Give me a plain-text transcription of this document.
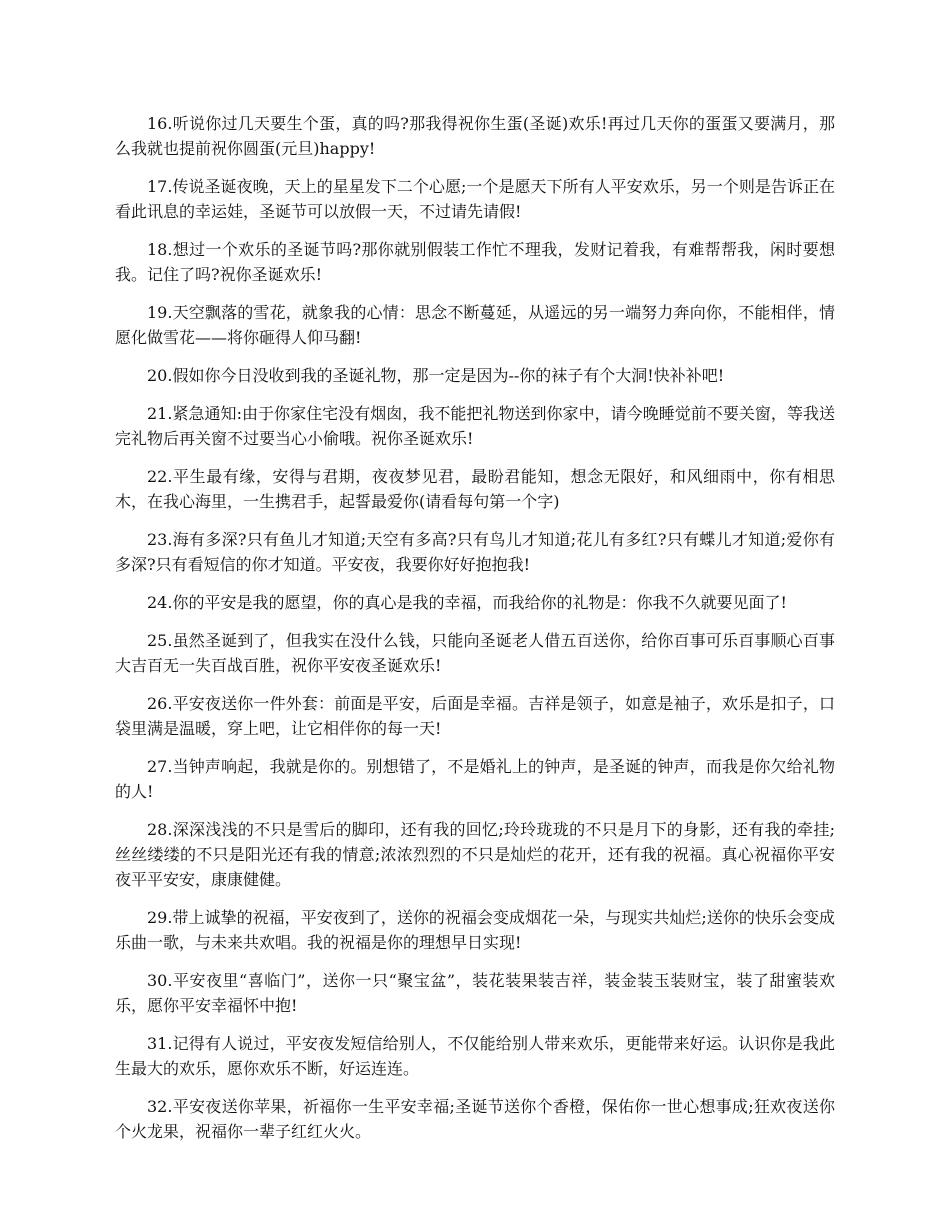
16.听说你过几天要生个蛋，真的吗?那我得祝你生蛋(圣诞)欢乐!再过几天你的蛋蛋又要满月，那么我就也提前祝你圆蛋(元旦)happy!

17.传说圣诞夜晚，天上的星星发下二个心愿;一个是愿天下所有人平安欢乐，另一个则是告诉正在看此讯息的幸运娃，圣诞节可以放假一天，不过请先请假!

18.想过一个欢乐的圣诞节吗?那你就别假装工作忙不理我，发财记着我，有难帮帮我，闲时要想我。记住了吗?祝你圣诞欢乐!

19.天空飘落的雪花，就象我的心情：思念不断蔓延，从遥远的另一端努力奔向你，不能相伴，情愿化做雪花——将你砸得人仰马翻!

20.假如你今日没收到我的圣诞礼物，那一定是因为--你的袜子有个大洞!快补补吧!

21.紧急通知:由于你家住宅没有烟囱，我不能把礼物送到你家中，请今晚睡觉前不要关窗，等我送完礼物后再关窗不过要当心小偷哦。祝你圣诞欢乐!

22.平生最有缘，安得与君期，夜夜梦见君，最盼君能知，想念无限好，和风细雨中，你有相思木，在我心海里，一生携君手，起誓最爱你(请看每句第一个字)

23.海有多深?只有鱼儿才知道;天空有多高?只有鸟儿才知道;花儿有多红?只有蝶儿才知道;爱你有多深?只有看短信的你才知道。平安夜，我要你好好抱抱我!

24.你的平安是我的愿望，你的真心是我的幸福，而我给你的礼物是：你我不久就要见面了!

25.虽然圣诞到了，但我实在没什么钱，只能向圣诞老人借五百送你，给你百事可乐百事顺心百事大吉百无一失百战百胜，祝你平安夜圣诞欢乐!

26.平安夜送你一件外套：前面是平安，后面是幸福。吉祥是领子，如意是袖子，欢乐是扣子，口袋里满是温暖，穿上吧，让它相伴你的每一天!

27.当钟声响起，我就是你的。别想错了，不是婚礼上的钟声，是圣诞的钟声，而我是你欠给礼物的人!

28.深深浅浅的不只是雪后的脚印，还有我的回忆;玲玲珑珑的不只是月下的身影，还有我的牵挂;丝丝缕缕的不只是阳光还有我的情意;浓浓烈烈的不只是灿烂的花开，还有我的祝福。真心祝福你平安夜平平安安，康康健健。

29.带上诚挚的祝福，平安夜到了，送你的祝福会变成烟花一朵，与现实共灿烂;送你的快乐会变成乐曲一歌，与未来共欢唱。我的祝福是你的理想早日实现!

30.平安夜里“喜临门”，送你一只“聚宝盆”，装花装果装吉祥，装金装玉装财宝，装了甜蜜装欢乐，愿你平安幸福怀中抱!

31.记得有人说过，平安夜发短信给别人，不仅能给别人带来欢乐，更能带来好运。认识你是我此生最大的欢乐，愿你欢乐不断，好运连连。

32.平安夜送你苹果，祈福你一生平安幸福;圣诞节送你个香橙，保佑你一世心想事成;狂欢夜送你个火龙果，祝福你一辈子红红火火。
